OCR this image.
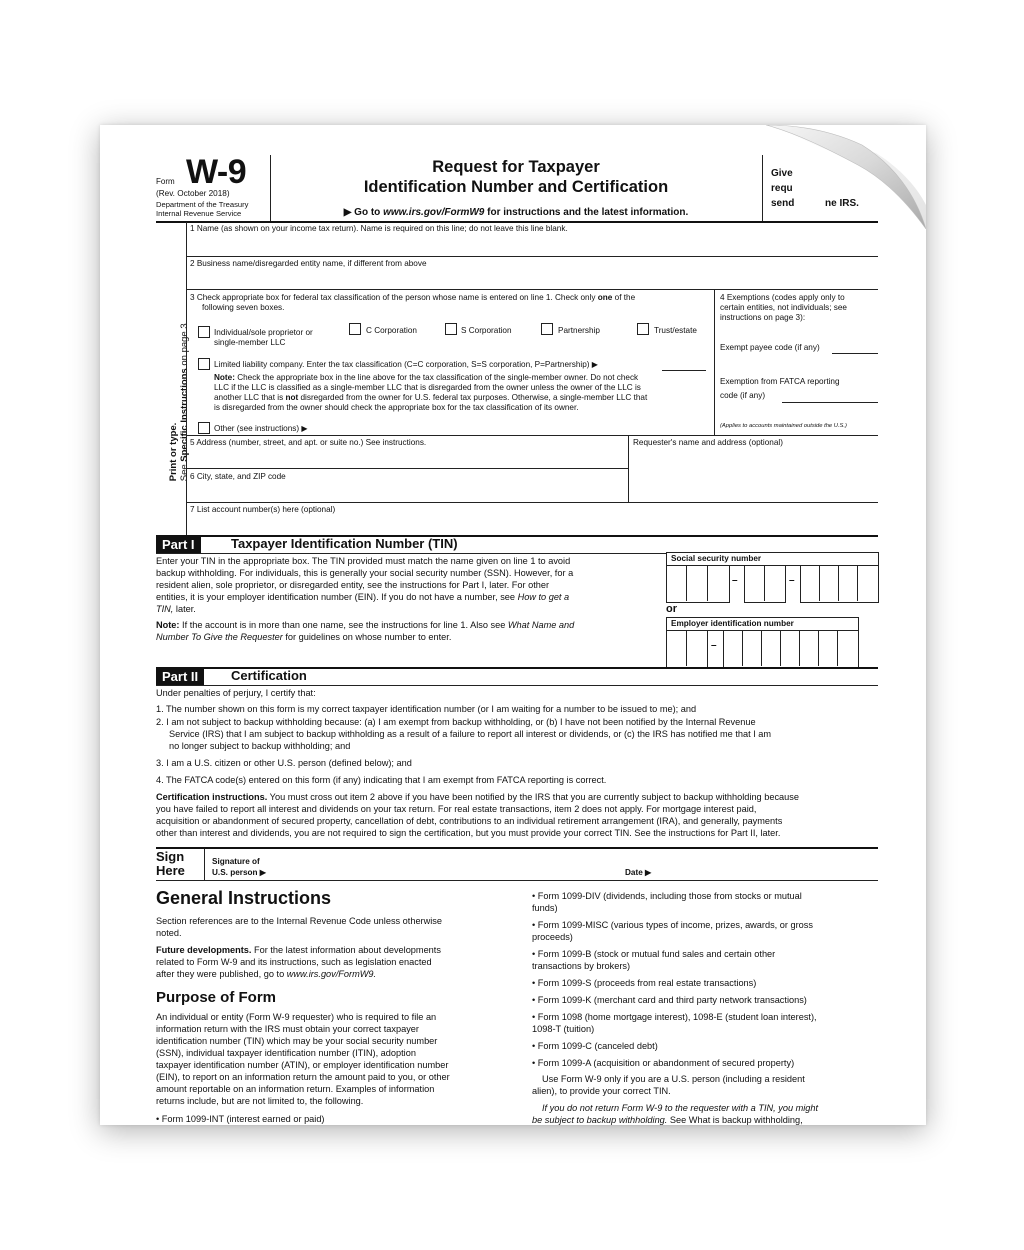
Form W-9
(Rev. October 2018)
Department of the Treasury
Internal Revenue Service
Request for Taxpayer
Identification Number and Certification
▶ Go to www.irs.gov/FormW9 for instructions and the latest information.
Give
requ
send	ne IRS.
Print or type.
See Specific Instructions on page 3.
1 Name (as shown on your income tax return). Name is required on this line; do not leave this line blank.
2 Business name/disregarded entity name, if different from above
3 Check appropriate box for federal tax classification of the person whose name is entered on line 1. Check only one of the
following seven boxes.
Individual/sole proprietor or
single-member LLC
C Corporation	S Corporation	Partnership	Trust/estate
Limited liability company. Enter the tax classification (C=C corporation, S=S corporation, P=Partnership) ▶
Note: Check the appropriate box in the line above for the tax classification of the single-member owner. Do not check
LLC if the LLC is classified as a single-member LLC that is disregarded from the owner unless the owner of the LLC is
another LLC that is not disregarded from the owner for U.S. federal tax purposes. Otherwise, a single-member LLC that
is disregarded from the owner should check the appropriate box for the tax classification of its owner.
Other (see instructions) ▶
4 Exemptions (codes apply only to
certain entities, not individuals; see
instructions on page 3):
Exempt payee code (if any)
Exemption from FATCA reporting
code (if any)
(Applies to accounts maintained outside the U.S.)
5 Address (number, street, and apt. or suite no.) See instructions.	Requester's name and address (optional)
6 City, state, and ZIP code
7 List account number(s) here (optional)
Part I	Taxpayer Identification Number (TIN)
Enter your TIN in the appropriate box. The TIN provided must match the name given on line 1 to avoid
backup withholding. For individuals, this is generally your social security number (SSN). However, for a
resident alien, sole proprietor, or disregarded entity, see the instructions for Part I, later. For other
entities, it is your employer identification number (EIN). If you do not have a number, see How to get a
TIN, later.
Note: If the account is in more than one name, see the instructions for line 1. Also see What Name and
Number To Give the Requester for guidelines on whose number to enter.
Social security number
–	–
or
Employer identification number
–
Part II	Certification
Under penalties of perjury, I certify that:
1. The number shown on this form is my correct taxpayer identification number (or I am waiting for a number to be issued to me); and
2. I am not subject to backup withholding because: (a) I am exempt from backup withholding, or (b) I have not been notified by the Internal Revenue
Service (IRS) that I am subject to backup withholding as a result of a failure to report all interest or dividends, or (c) the IRS has notified me that I am
no longer subject to backup withholding; and
3. I am a U.S. citizen or other U.S. person (defined below); and
4. The FATCA code(s) entered on this form (if any) indicating that I am exempt from FATCA reporting is correct.
Certification instructions. You must cross out item 2 above if you have been notified by the IRS that you are currently subject to backup withholding because
you have failed to report all interest and dividends on your tax return. For real estate transactions, item 2 does not apply. For mortgage interest paid,
acquisition or abandonment of secured property, cancellation of debt, contributions to an individual retirement arrangement (IRA), and generally, payments
other than interest and dividends, you are not required to sign the certification, but you must provide your correct TIN. See the instructions for Part II, later.
Sign
Here
Signature of
U.S. person ▶	Date ▶
General Instructions
Section references are to the Internal Revenue Code unless otherwise
noted.
Future developments. For the latest information about developments
related to Form W-9 and its instructions, such as legislation enacted
after they were published, go to www.irs.gov/FormW9.
Purpose of Form
An individual or entity (Form W-9 requester) who is required to file an
information return with the IRS must obtain your correct taxpayer
identification number (TIN) which may be your social security number
(SSN), individual taxpayer identification number (ITIN), adoption
taxpayer identification number (ATIN), or employer identification number
(EIN), to report on an information return the amount paid to you, or other
amount reportable on an information return. Examples of information
returns include, but are not limited to, the following.
• Form 1099-INT (interest earned or paid)
• Form 1099-DIV (dividends, including those from stocks or mutual
funds)
• Form 1099-MISC (various types of income, prizes, awards, or gross
proceeds)
• Form 1099-B (stock or mutual fund sales and certain other
transactions by brokers)
• Form 1099-S (proceeds from real estate transactions)
• Form 1099-K (merchant card and third party network transactions)
• Form 1098 (home mortgage interest), 1098-E (student loan interest),
1098-T (tuition)
• Form 1099-C (canceled debt)
• Form 1099-A (acquisition or abandonment of secured property)
Use Form W-9 only if you are a U.S. person (including a resident
alien), to provide your correct TIN.
If you do not return Form W-9 to the requester with a TIN, you might
be subject to backup withholding. See What is backup withholding,
